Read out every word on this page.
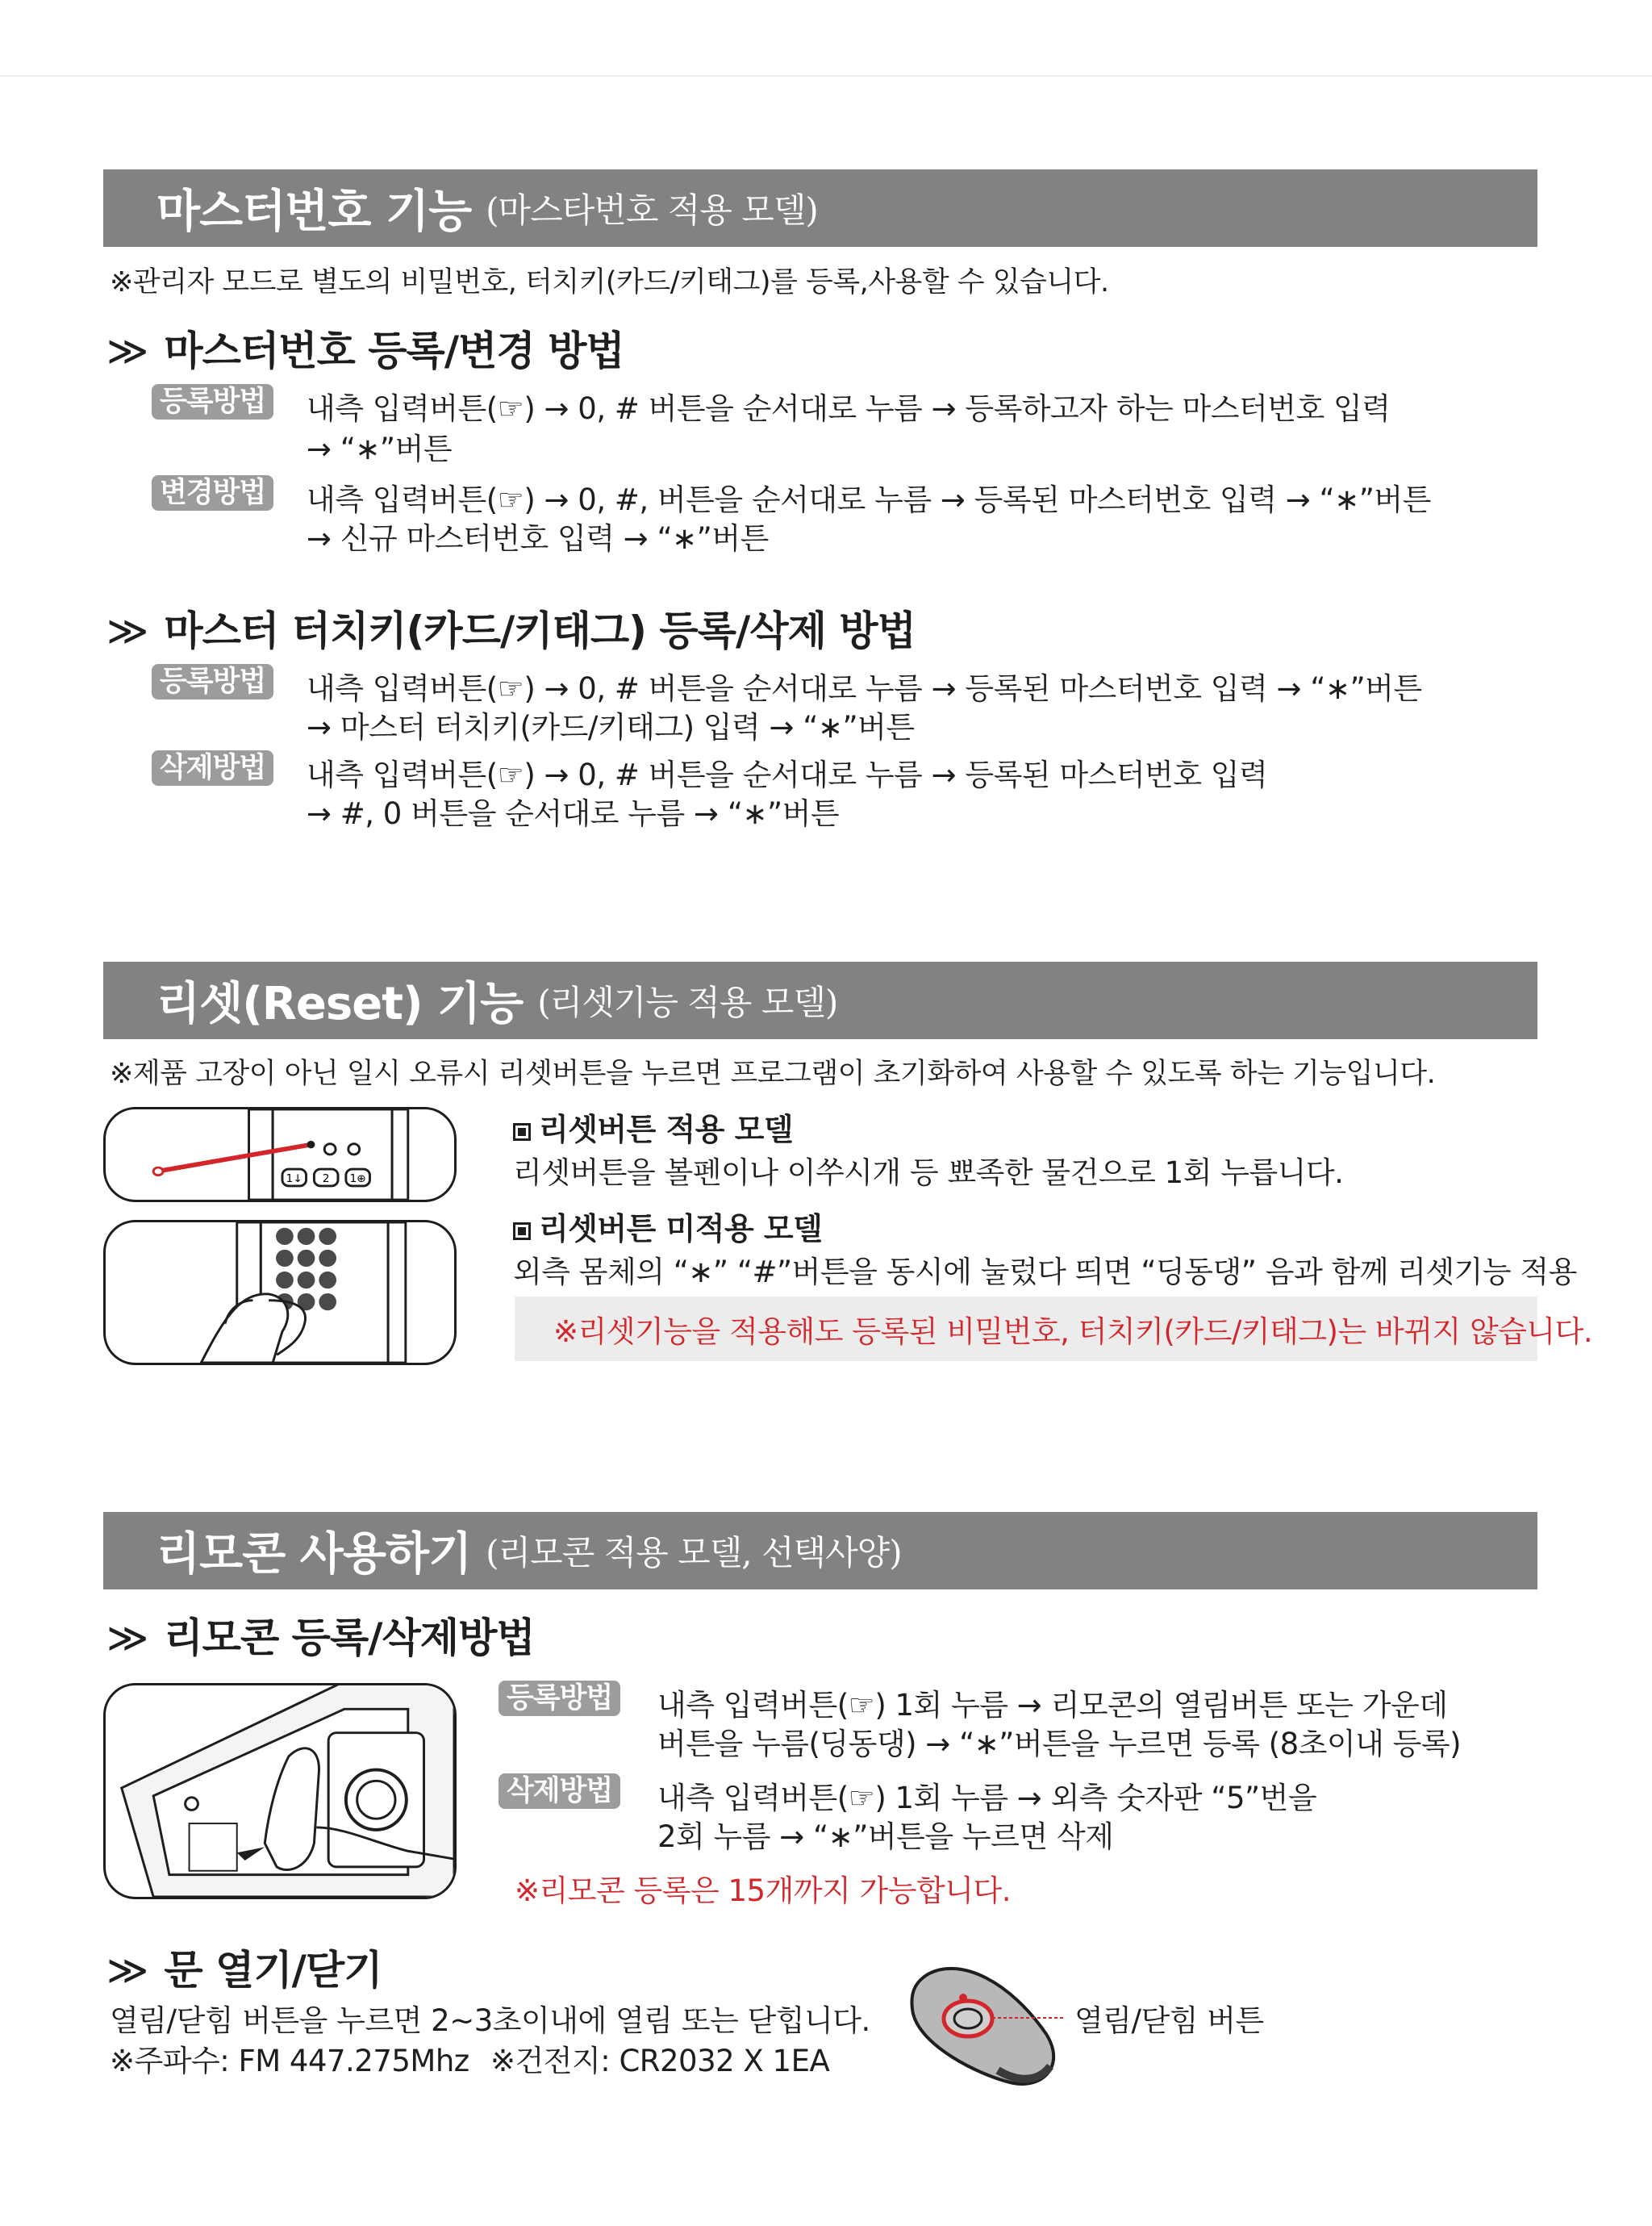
마스터번호 기능 (마스타번호 적용 모델)
※관리자 모드로 별도의 비밀번호, 터치키(카드/키태그)를 등록,사용할 수 있습니다.
≫ 마스터번호 등록/변경 방법
등록방법 내측 입력버튼(☞) → 0, # 버튼을 순서대로 누름 → 등록하고자 하는 마스터번호 입력
→ “∗”버튼
변경방법 내측 입력버튼(☞) → 0, #, 버튼을 순서대로 누름 → 등록된 마스터번호 입력 → “∗”버튼
→ 신규 마스터번호 입력 → “∗”버튼
≫ 마스터 터치키(카드/키태그) 등록/삭제 방법
등록방법 내측 입력버튼(☞) → 0, # 버튼을 순서대로 누름 → 등록된 마스터번호 입력 → “∗”버튼
→ 마스터 터치키(카드/키태그) 입력 → “∗”버튼
삭제방법 내측 입력버튼(☞) → 0, # 버튼을 순서대로 누름 → 등록된 마스터번호 입력
→ #, 0 버튼을 순서대로 누름 → “∗”버튼
리셋(Reset) 기능 (리셋기능 적용 모델)
※제품 고장이 아닌 일시 오류시 리셋버튼을 누르면 프로그램이 초기화하여 사용할 수 있도록 하는 기능입니다.
1↓ 2 1⊕
리셋버튼 적용 모델
리셋버튼을 볼펜이나 이쑤시개 등 뾰족한 물건으로 1회 누릅니다.
리셋버튼 미적용 모델
외측 몸체의 “∗” “#”버튼을 동시에 눌렀다 띄면 “딩동댕” 음과 함께 리셋기능 적용
※리셋기능을 적용해도 등록된 비밀번호, 터치키(카드/키태그)는 바뀌지 않습니다.
리모콘 사용하기 (리모콘 적용 모델, 선택사양)
≫ 리모콘 등록/삭제방법
등록방법 내측 입력버튼(☞) 1회 누름 → 리모콘의 열림버튼 또는 가운데
버튼을 누름(딩동댕) → “∗”버튼을 누르면 등록 (8초이내 등록)
삭제방법 내측 입력버튼(☞) 1회 누름 → 외측 숫자판 “5”번을
2회 누름 → “∗”버튼을 누르면 삭제
※리모콘 등록은 15개까지 가능합니다.
≫ 문 열기/닫기
열림/닫힘 버튼을 누르면 2~3초이내에 열림 또는 닫힙니다.
※주파수: FM 447.275Mhz ※건전지: CR2032 X 1EA
열림/닫힘 버튼
